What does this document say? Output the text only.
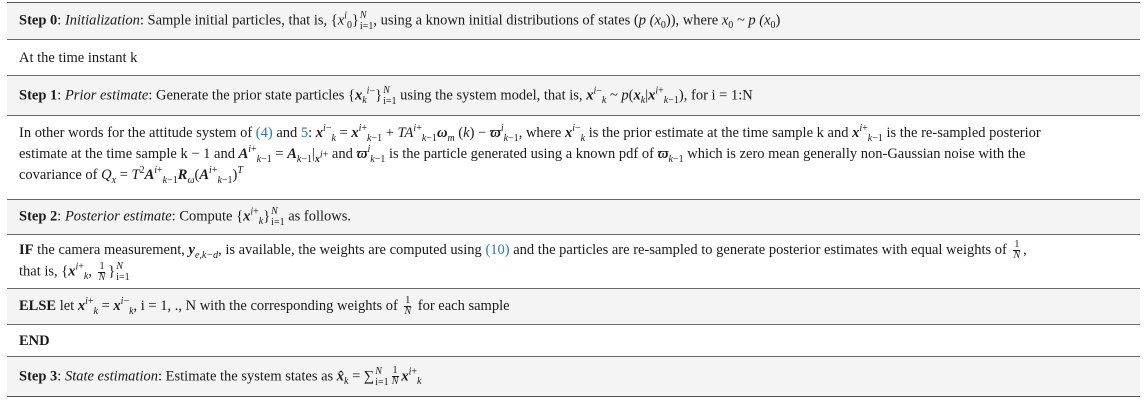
Step 0: Initialization: Sample initial particles, that is, $\{x^i_0\}$ N
i=1 , using a known initial distributions of states (p $(x_0)$), where $x_0$ ~ p $(x_0)$
At the time instant k
Step 1: Prior estimate: Generate the prior state particles $\{x_k^{i-}\}$ N
i=1 using the system model, that is, $x^{i-}_k$ ~ $p(x_k|x^{i+}_{k-1})$, for i = 1:N
In other words for the attitude system of (4) and 5: $x^{i-}_k = x^{i+}_{k-1} + TA^{i+}_{k-1}\omega_m$ $(k) - ϖ^i_{k-1}$, where $x^{i-}_k$ is the prior estimate at the time sample k and $x^{i+}_{k-1}$ is the re-sampled posterior
estimate at the time sample k − 1 and $A^{i+}_{k-1} = A_{k-1}|_{x^{i+}}$ and $ϖ^i_{k-1}$ is the particle generated using a known pdf of $ϖ_{k-1}$ which is zero mean generally non-Gaussian noise with the
covariance of $Q_x = T^2A^{i+}_{k-1}R_\omega(A^{i+}_{k-1})^T$
Step 2: Posterior estimate: Compute $\{x^{i+}_k\}$ N
i=1 as follows.
IF the camera measurement, $y_{e,k-d}$, is available, the weights are computed using (10) and the particles are re-sampled to generate posterior estimates with equal weights of $\frac{1}{N}$ ,
that is, {$x^{i+}_k$, $\frac{1}{N}$ } N
i=1
ELSE let $x^{i+}_k = x^{i-}_k$, i = 1, ., N with the corresponding weights of $\frac{1}{N}$ for each sample
END
Step 3: State estimation: Estimate the system states as $x̂_k$ = ∑ N
$i=1 \frac{1}{N} x^{i+}_k$
